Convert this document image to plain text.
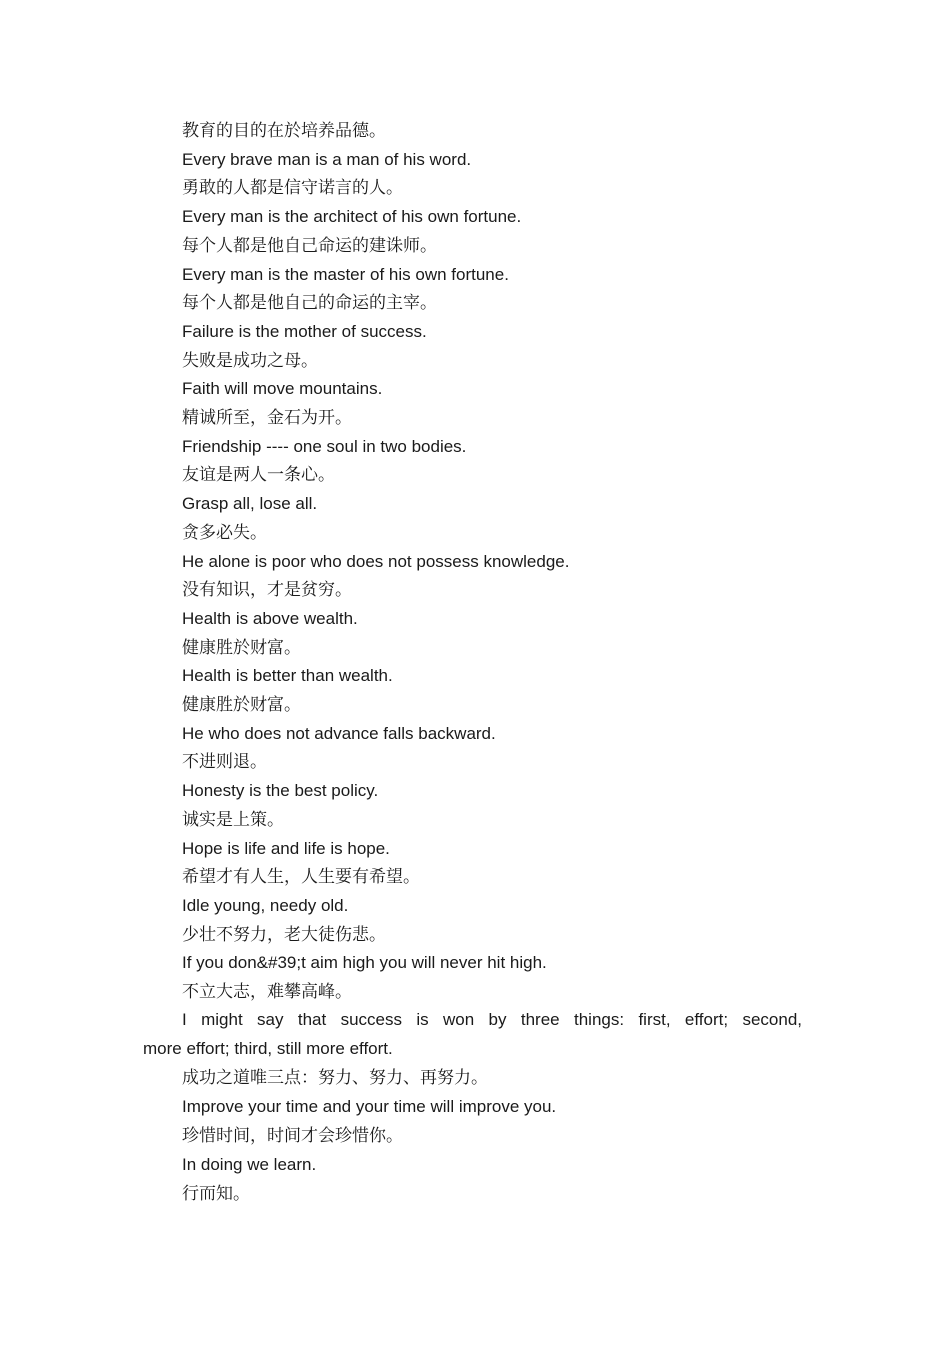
教育的目的在於培养品德。
Every brave man is a man of his word.
勇敢的人都是信守诺言的人。
Every man is the architect of his own fortune.
每个人都是他自己命运的建诛师。
Every man is the master of his own fortune.
每个人都是他自己的命运的主宰。
Failure is the mother of success.
失败是成功之母。
Faith will move mountains.
精诚所至，金石为开。
Friendship ---- one soul in two bodies.
友谊是两人一条心。
Grasp all, lose all.
贪多必失。
He alone is poor who does not possess knowledge.
没有知识，才是贫穷。
Health is above wealth.
健康胜於财富。
Health is better than wealth.
健康胜於财富。
He who does not advance falls backward.
不进则退。
Honesty is the best policy.
诚实是上策。
Hope is life and life is hope.
希望才有人生，人生要有希望。
Idle young, needy old.
少壮不努力，老大徒伤悲。
If you don&#39;t aim high you will never hit high.
不立大志，难攀高峰。
I might say that success is won by three things: first, effort; second,
more effort; third, still more effort.
成功之道唯三点：努力、努力、再努力。
Improve your time and your time will improve you.
珍惜时间，时间才会珍惜你。
In doing we learn.
行而知。
